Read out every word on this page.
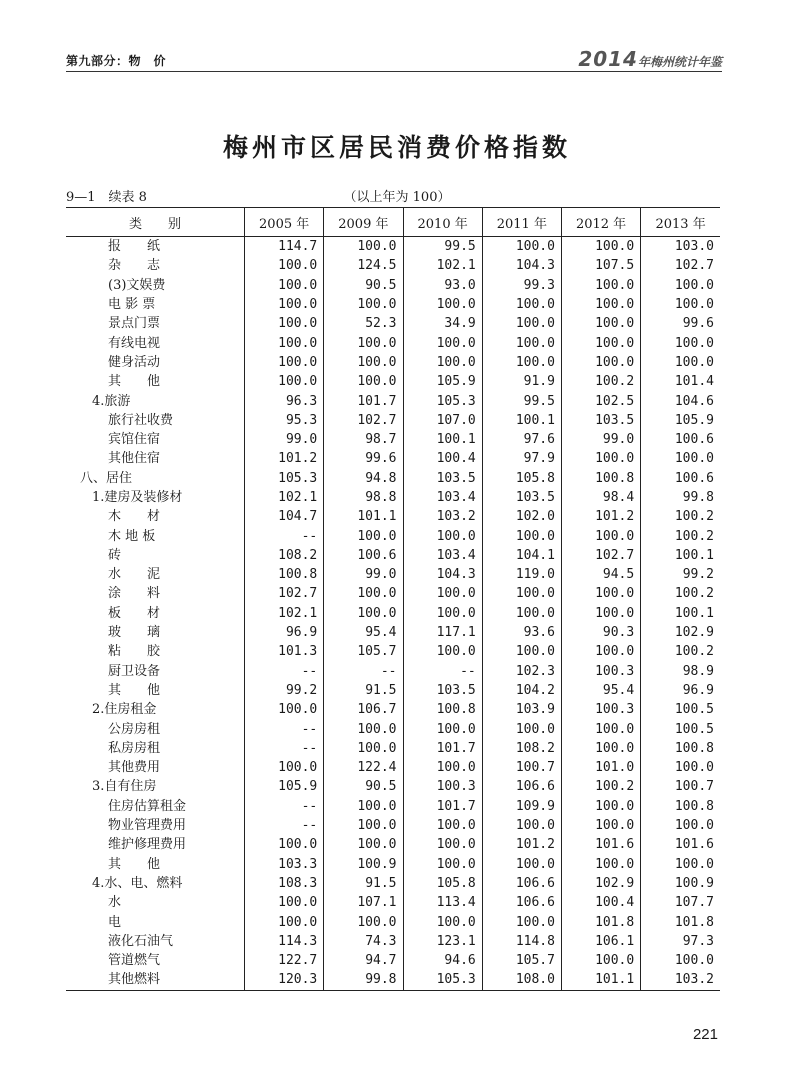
第九部分：物　价	2014年梅州统计年鉴
梅州市区居民消费价格指数
9—1　续表 8	（以上年为 100）
类　　别	2005 年	2009 年	2010 年	2011 年	2012 年	2013 年
报　　纸	114.7	100.0	99.5	100.0	100.0	103.0
杂　　志	100.0	124.5	102.1	104.3	107.5	102.7
(3)文娱费	100.0	90.5	93.0	99.3	100.0	100.0
电 影 票	100.0	100.0	100.0	100.0	100.0	100.0
景点门票	100.0	52.3	34.9	100.0	100.0	99.6
有线电视	100.0	100.0	100.0	100.0	100.0	100.0
健身活动	100.0	100.0	100.0	100.0	100.0	100.0
其　　他	100.0	100.0	105.9	91.9	100.2	101.4
4.旅游	96.3	101.7	105.3	99.5	102.5	104.6
旅行社收费	95.3	102.7	107.0	100.1	103.5	105.9
宾馆住宿	99.0	98.7	100.1	97.6	99.0	100.6
其他住宿	101.2	99.6	100.4	97.9	100.0	100.0
八、居住	105.3	94.8	103.5	105.8	100.8	100.6
1.建房及装修材	102.1	98.8	103.4	103.5	98.4	99.8
木　　材	104.7	101.1	103.2	102.0	101.2	100.2
木 地 板	--	100.0	100.0	100.0	100.0	100.2
砖	108.2	100.6	103.4	104.1	102.7	100.1
水　　泥	100.8	99.0	104.3	119.0	94.5	99.2
涂　　料	102.7	100.0	100.0	100.0	100.0	100.2
板　　材	102.1	100.0	100.0	100.0	100.0	100.1
玻　　璃	96.9	95.4	117.1	93.6	90.3	102.9
粘　　胶	101.3	105.7	100.0	100.0	100.0	100.2
厨卫设备	--	--	--	102.3	100.3	98.9
其　　他	99.2	91.5	103.5	104.2	95.4	96.9
2.住房租金	100.0	106.7	100.8	103.9	100.3	100.5
公房房租	--	100.0	100.0	100.0	100.0	100.5
私房房租	--	100.0	101.7	108.2	100.0	100.8
其他费用	100.0	122.4	100.0	100.7	101.0	100.0
3.自有住房	105.9	90.5	100.3	106.6	100.2	100.7
住房估算租金	--	100.0	101.7	109.9	100.0	100.8
物业管理费用	--	100.0	100.0	100.0	100.0	100.0
维护修理费用	100.0	100.0	100.0	101.2	101.6	101.6
其　　他	103.3	100.9	100.0	100.0	100.0	100.0
4.水、电、燃料	108.3	91.5	105.8	106.6	102.9	100.9
水	100.0	107.1	113.4	106.6	100.4	107.7
电	100.0	100.0	100.0	100.0	101.8	101.8
液化石油气	114.3	74.3	123.1	114.8	106.1	97.3
管道燃气	122.7	94.7	94.6	105.7	100.0	100.0
其他燃料	120.3	99.8	105.3	108.0	101.1	103.2
221
